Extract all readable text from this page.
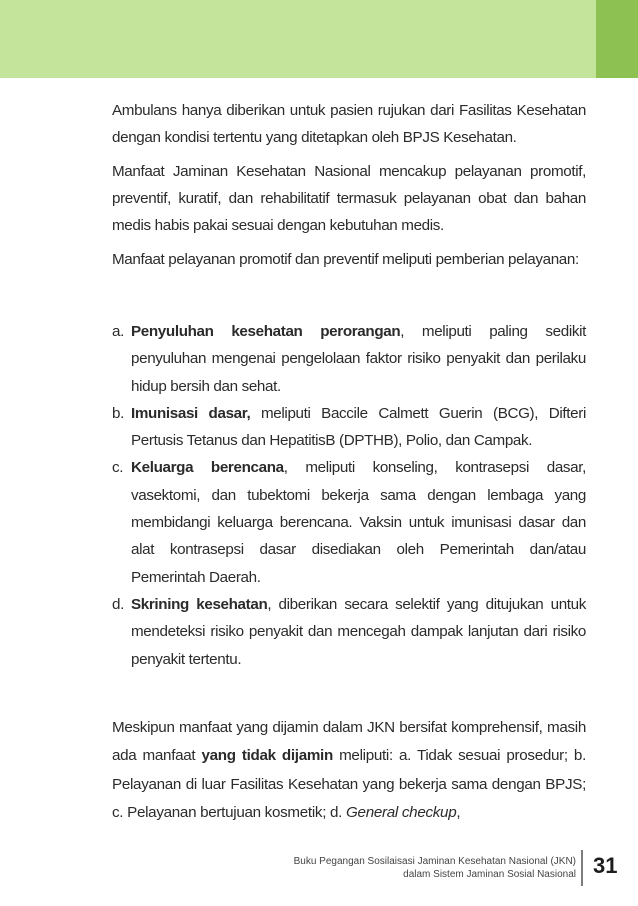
Ambulans hanya diberikan untuk pasien rujukan dari Fasilitas Kesehatan dengan kondisi tertentu yang ditetapkan oleh BPJS Kesehatan.

Manfaat Jaminan Kesehatan Nasional mencakup pelayanan promotif, preventif, kuratif, dan rehabilitatif termasuk pelayanan obat dan bahan medis habis pakai sesuai dengan kebutuhan medis.

Manfaat pelayanan promotif dan preventif meliputi pemberian pelayanan:

a. Penyuluhan kesehatan perorangan, meliputi paling sedikit penyuluhan mengenai pengelolaan faktor risiko penyakit dan perilaku hidup bersih dan sehat.

b. Imunisasi dasar, meliputi Baccile Calmett Guerin (BCG), Difteri Pertusis Tetanus dan HepatitisB (DPTHB), Polio, dan Campak.

c. Keluarga berencana, meliputi konseling, kontrasepsi dasar, vasektomi, dan tubektomi bekerja sama dengan lembaga yang membidangi keluarga berencana. Vaksin untuk imunisasi dasar dan alat kontrasepsi dasar disediakan oleh Pemerintah dan/atau Pemerintah Daerah.

d. Skrining kesehatan, diberikan secara selektif yang ditujukan untuk mendeteksi risiko penyakit dan mencegah dampak lanjutan dari risiko penyakit tertentu.

Meskipun manfaat yang dijamin dalam JKN bersifat komprehensif, masih ada manfaat yang tidak dijamin meliputi: a. Tidak sesuai prosedur; b. Pelayanan di luar Fasilitas Kesehatan yang bekerja sama dengan BPJS; c. Pelayanan bertujuan kosmetik; d. General checkup,

Buku Pegangan Sosilaisasi Jaminan Kesehatan Nasional (JKN)
dalam Sistem Jaminan Sosial Nasional 31
